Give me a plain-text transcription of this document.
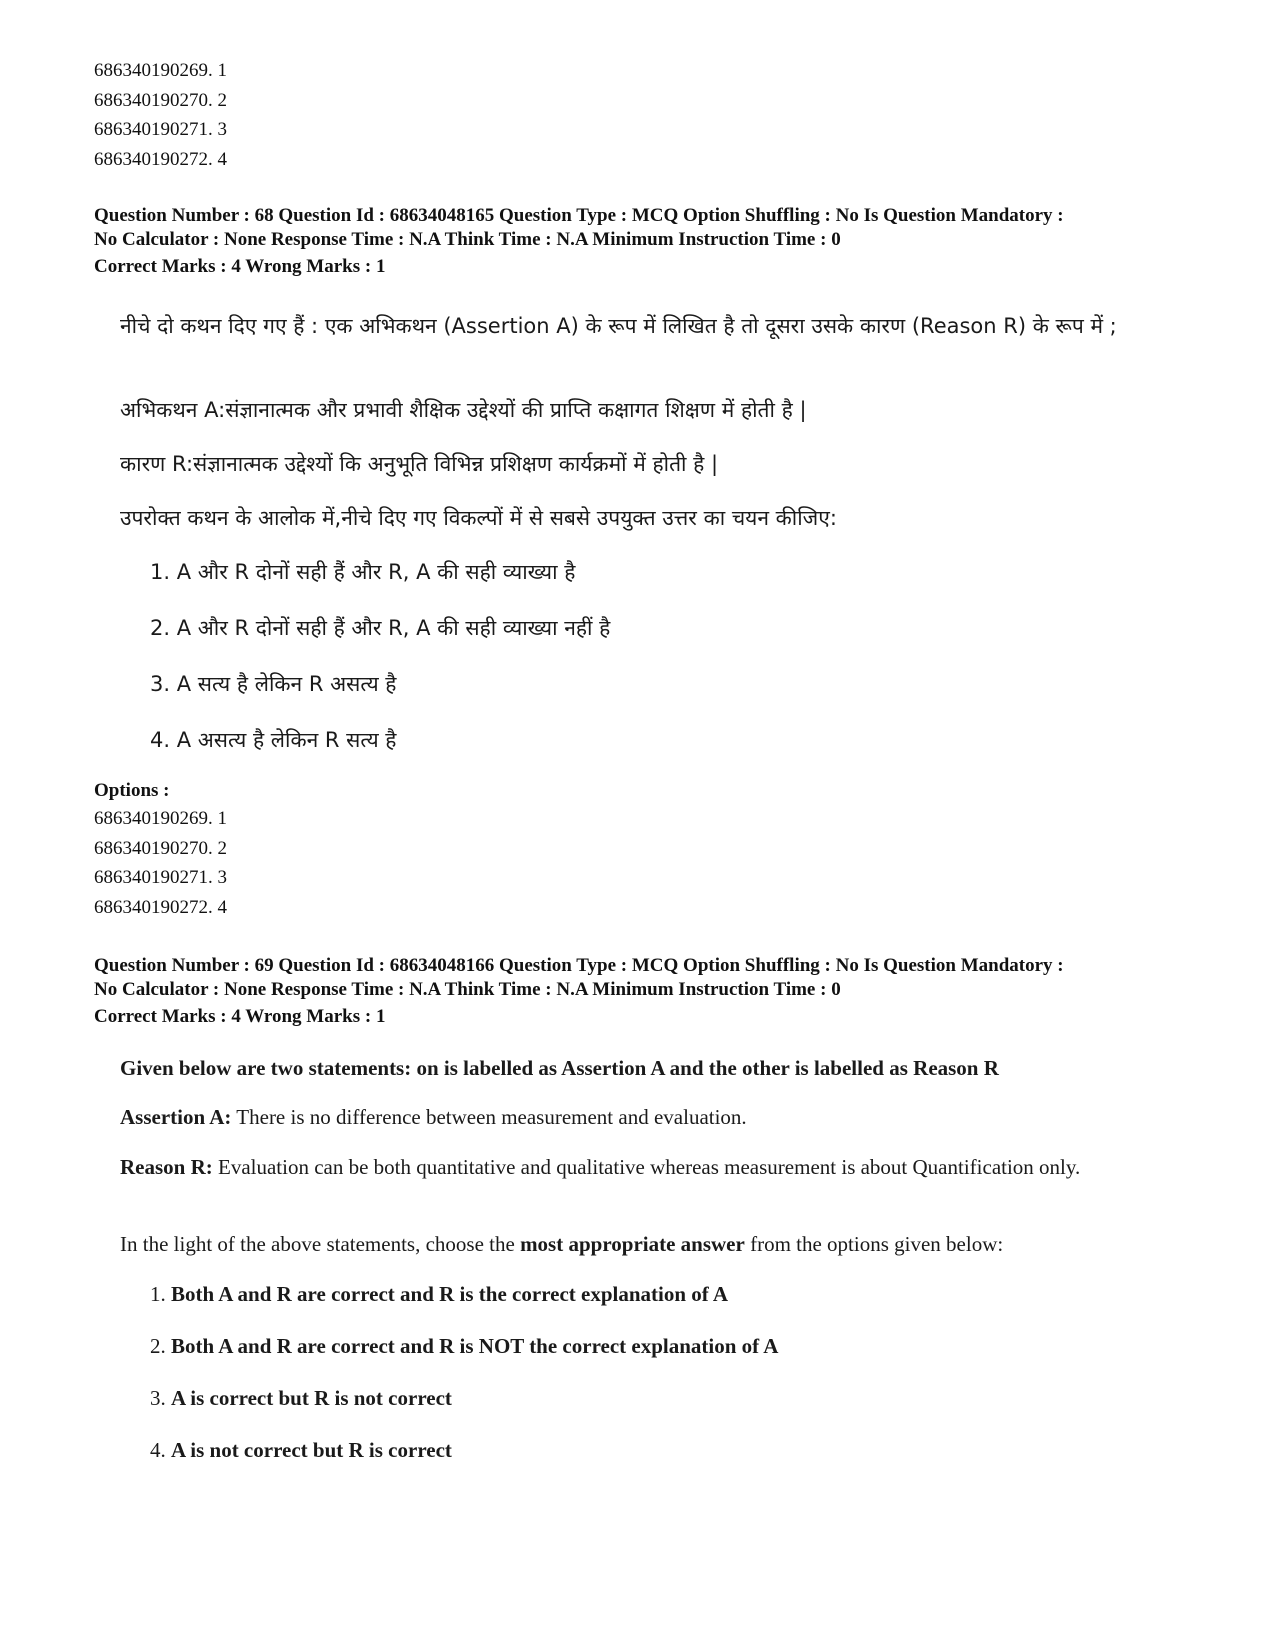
686340190269. 1
686340190270. 2
686340190271. 3
686340190272. 4
Question Number : 68 Question Id : 68634048165 Question Type : MCQ Option Shuffling : No Is Question Mandatory :
No Calculator : None Response Time : N.A Think Time : N.A Minimum Instruction Time : 0
Correct Marks : 4 Wrong Marks : 1
नीचे दो कथन दिए गए हैं : एक अभिकथन (Assertion A) के रूप में लिखित है तो दूसरा उसके कारण (Reason R) के रूप में ;
अभिकथन A:संज्ञानात्मक और प्रभावी शैक्षिक उद्देश्यों की प्राप्ति कक्षागत शिक्षण में होती है |
कारण R:संज्ञानात्मक उद्देश्यों कि अनुभूति विभिन्न प्रशिक्षण कार्यक्रमों में होती है |
उपरोक्त कथन के आलोक में,नीचे दिए गए विकल्पों में से सबसे उपयुक्त उत्तर का चयन कीजिए:
1. A और R दोनों सही हैं और R, A की सही व्याख्या है
2. A और R दोनों सही हैं और R, A की सही व्याख्या नहीं है
3. A सत्य है लेकिन R असत्य है
4. A असत्य है लेकिन R सत्य है
Options :
686340190269. 1
686340190270. 2
686340190271. 3
686340190272. 4
Question Number : 69 Question Id : 68634048166 Question Type : MCQ Option Shuffling : No Is Question Mandatory :
No Calculator : None Response Time : N.A Think Time : N.A Minimum Instruction Time : 0
Correct Marks : 4 Wrong Marks : 1
Given below are two statements: on is labelled as Assertion A and the other is labelled as Reason R
Assertion A: There is no difference between measurement and evaluation.
Reason R: Evaluation can be both quantitative and qualitative whereas measurement is about Quantification only.
In the light of the above statements, choose the most appropriate answer from the options given below:
1. Both A and R are correct and R is the correct explanation of A
2. Both A and R are correct and R is NOT the correct explanation of A
3. A is correct but R is not correct
4. A is not correct but R is correct
